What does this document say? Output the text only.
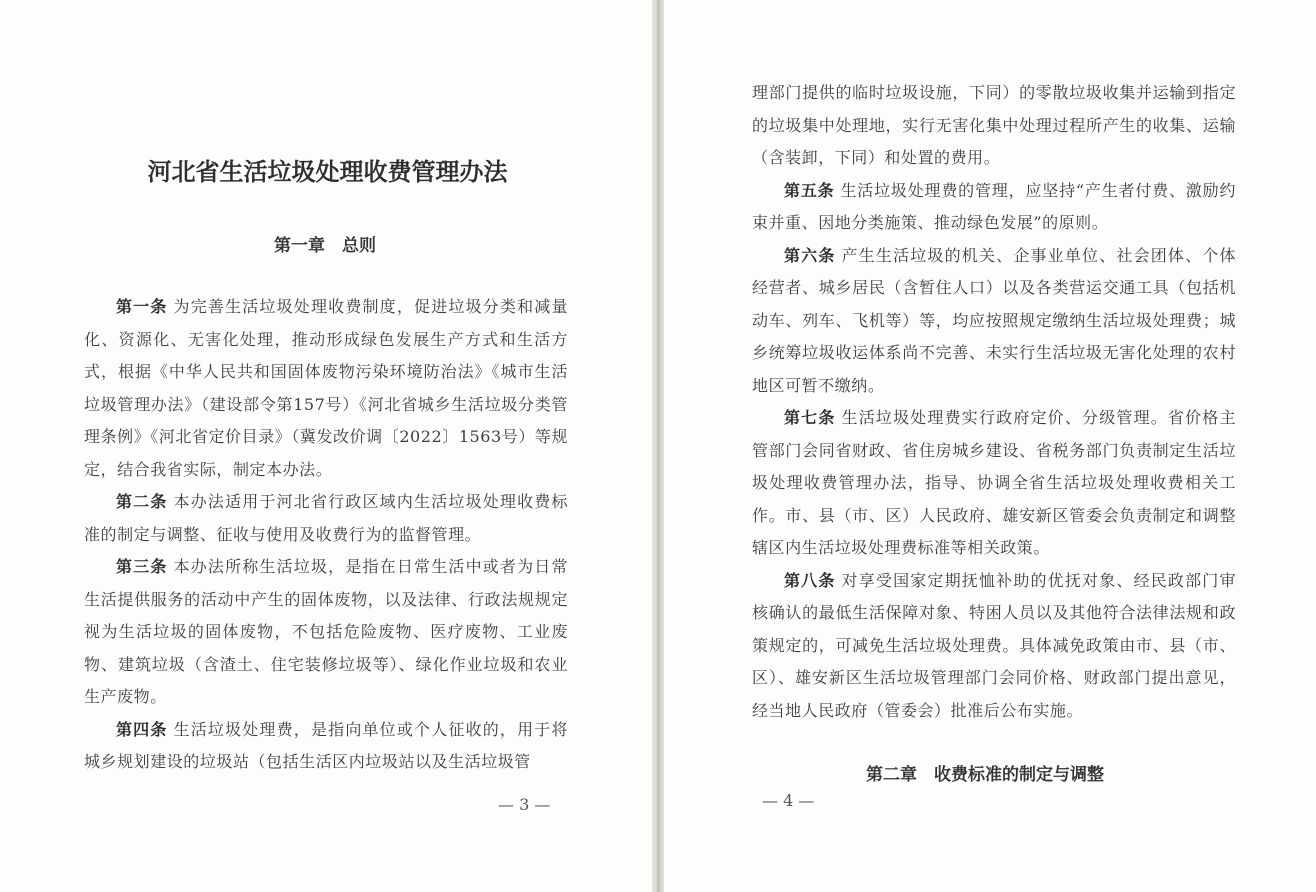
河北省生活垃圾处理收费管理办法
第一章　总则

第一条 为完善生活垃圾处理收费制度，促进垃圾分类和减量化、资源化、无害化处理，推动形成绿色发展生产方式和生活方式，根据《中华人民共和国固体废物污染环境防治法》《城市生活垃圾管理办法》（建设部令第157号）《河北省城乡生活垃圾分类管理条例》《河北省定价目录》（冀发改价调〔2022〕1563号）等规定，结合我省实际，制定本办法。

第二条 本办法适用于河北省行政区域内生活垃圾处理收费标准的制定与调整、征收与使用及收费行为的监督管理。

第三条 本办法所称生活垃圾，是指在日常生活中或者为日常生活提供服务的活动中产生的固体废物，以及法律、行政法规规定视为生活垃圾的固体废物，不包括危险废物、医疗废物、工业废物、建筑垃圾（含渣土、住宅装修垃圾等）、绿化作业垃圾和农业生产废物。

第四条 生活垃圾处理费，是指向单位或个人征收的，用于将城乡规划建设的垃圾站（包括生活区内垃圾站以及生活垃圾管

— 3 —

理部门提供的临时垃圾设施，下同）的零散垃圾收集并运输到指定的垃圾集中处理地，实行无害化集中处理过程所产生的收集、运输（含装卸，下同）和处置的费用。

第五条 生活垃圾处理费的管理，应坚持“产生者付费、激励约束并重、因地分类施策、推动绿色发展”的原则。

第六条 产生生活垃圾的机关、企事业单位、社会团体、个体经营者、城乡居民（含暂住人口）以及各类营运交通工具（包括机动车、列车、飞机等）等，均应按照规定缴纳生活垃圾处理费；城乡统筹垃圾收运体系尚不完善、未实行生活垃圾无害化处理的农村地区可暂不缴纳。

第七条 生活垃圾处理费实行政府定价、分级管理。省价格主管部门会同省财政、省住房城乡建设、省税务部门负责制定生活垃圾处理收费管理办法，指导、协调全省生活垃圾处理收费相关工作。市、县（市、区）人民政府、雄安新区管委会负责制定和调整辖区内生活垃圾处理费标准等相关政策。

第八条 对享受国家定期抚恤补助的优抚对象、经民政部门审核确认的最低生活保障对象、特困人员以及其他符合法律法规和政策规定的，可减免生活垃圾处理费。具体减免政策由市、县（市、区）、雄安新区生活垃圾管理部门会同价格、财政部门提出意见，经当地人民政府（管委会）批准后公布实施。

第二章　收费标准的制定与调整
— 4 —
